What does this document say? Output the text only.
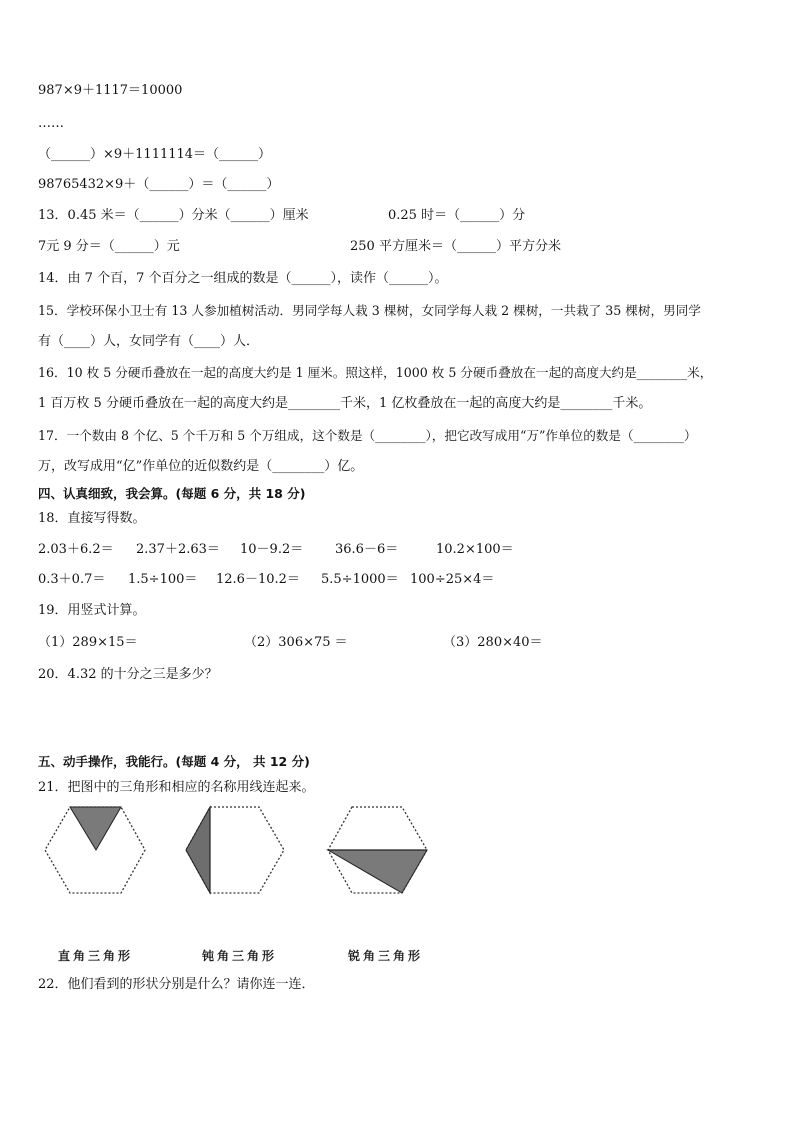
987×9＋1117＝10000
……
（______）×9＋1111114＝（______）
98765432×9＋（______）＝（______）
13．0.45 米＝（______）分米（______）厘米	0.25 时＝（______）分
7元 9 分＝（______）元	250 平方厘米＝（______）平方分米
14．由 7 个百，7 个百分之一组成的数是（______），读作（______）。
15．学校环保小卫士有 13 人参加植树活动．男同学每人栽 3 棵树，女同学每人栽 2 棵树，一共栽了 35 棵树，男同学
有（____）人，女同学有（____）人．
16．10 枚 5 分硬币叠放在一起的高度大约是 1 厘米。照这样，1000 枚 5 分硬币叠放在一起的高度大约是________米，
1 百万枚 5 分硬币叠放在一起的高度大约是________千米，1 亿枚叠放在一起的高度大约是________千米。
17．一个数由 8 个亿、5 个千万和 5 个万组成，这个数是（________），把它改写成用“万”作单位的数是（________）
万，改写成用“亿”作单位的近似数约是（________）亿。
四、认真细致，我会算。(每题 6 分，共 18 分)
18．直接写得数。
2.03＋6.2＝ 2.37＋2.63＝ 10－9.2＝ 36.6－6＝	10.2×100＝
0.3＋0.7＝ 1.5÷100＝ 12.6－10.2＝ 5.5÷1000＝ 100÷25×4＝
19．用竖式计算。
（1）289×15＝	（2）306×75 ＝	（3）280×40＝
20．4.32 的十分之三是多少？
五、动手操作，我能行。(每题 4 分， 共 12 分)
21．把图中的三角形和相应的名称用线连起来。
直角三角形	钝角三角形	锐角三角形
22．他们看到的形状分别是什么？请你连一连．
